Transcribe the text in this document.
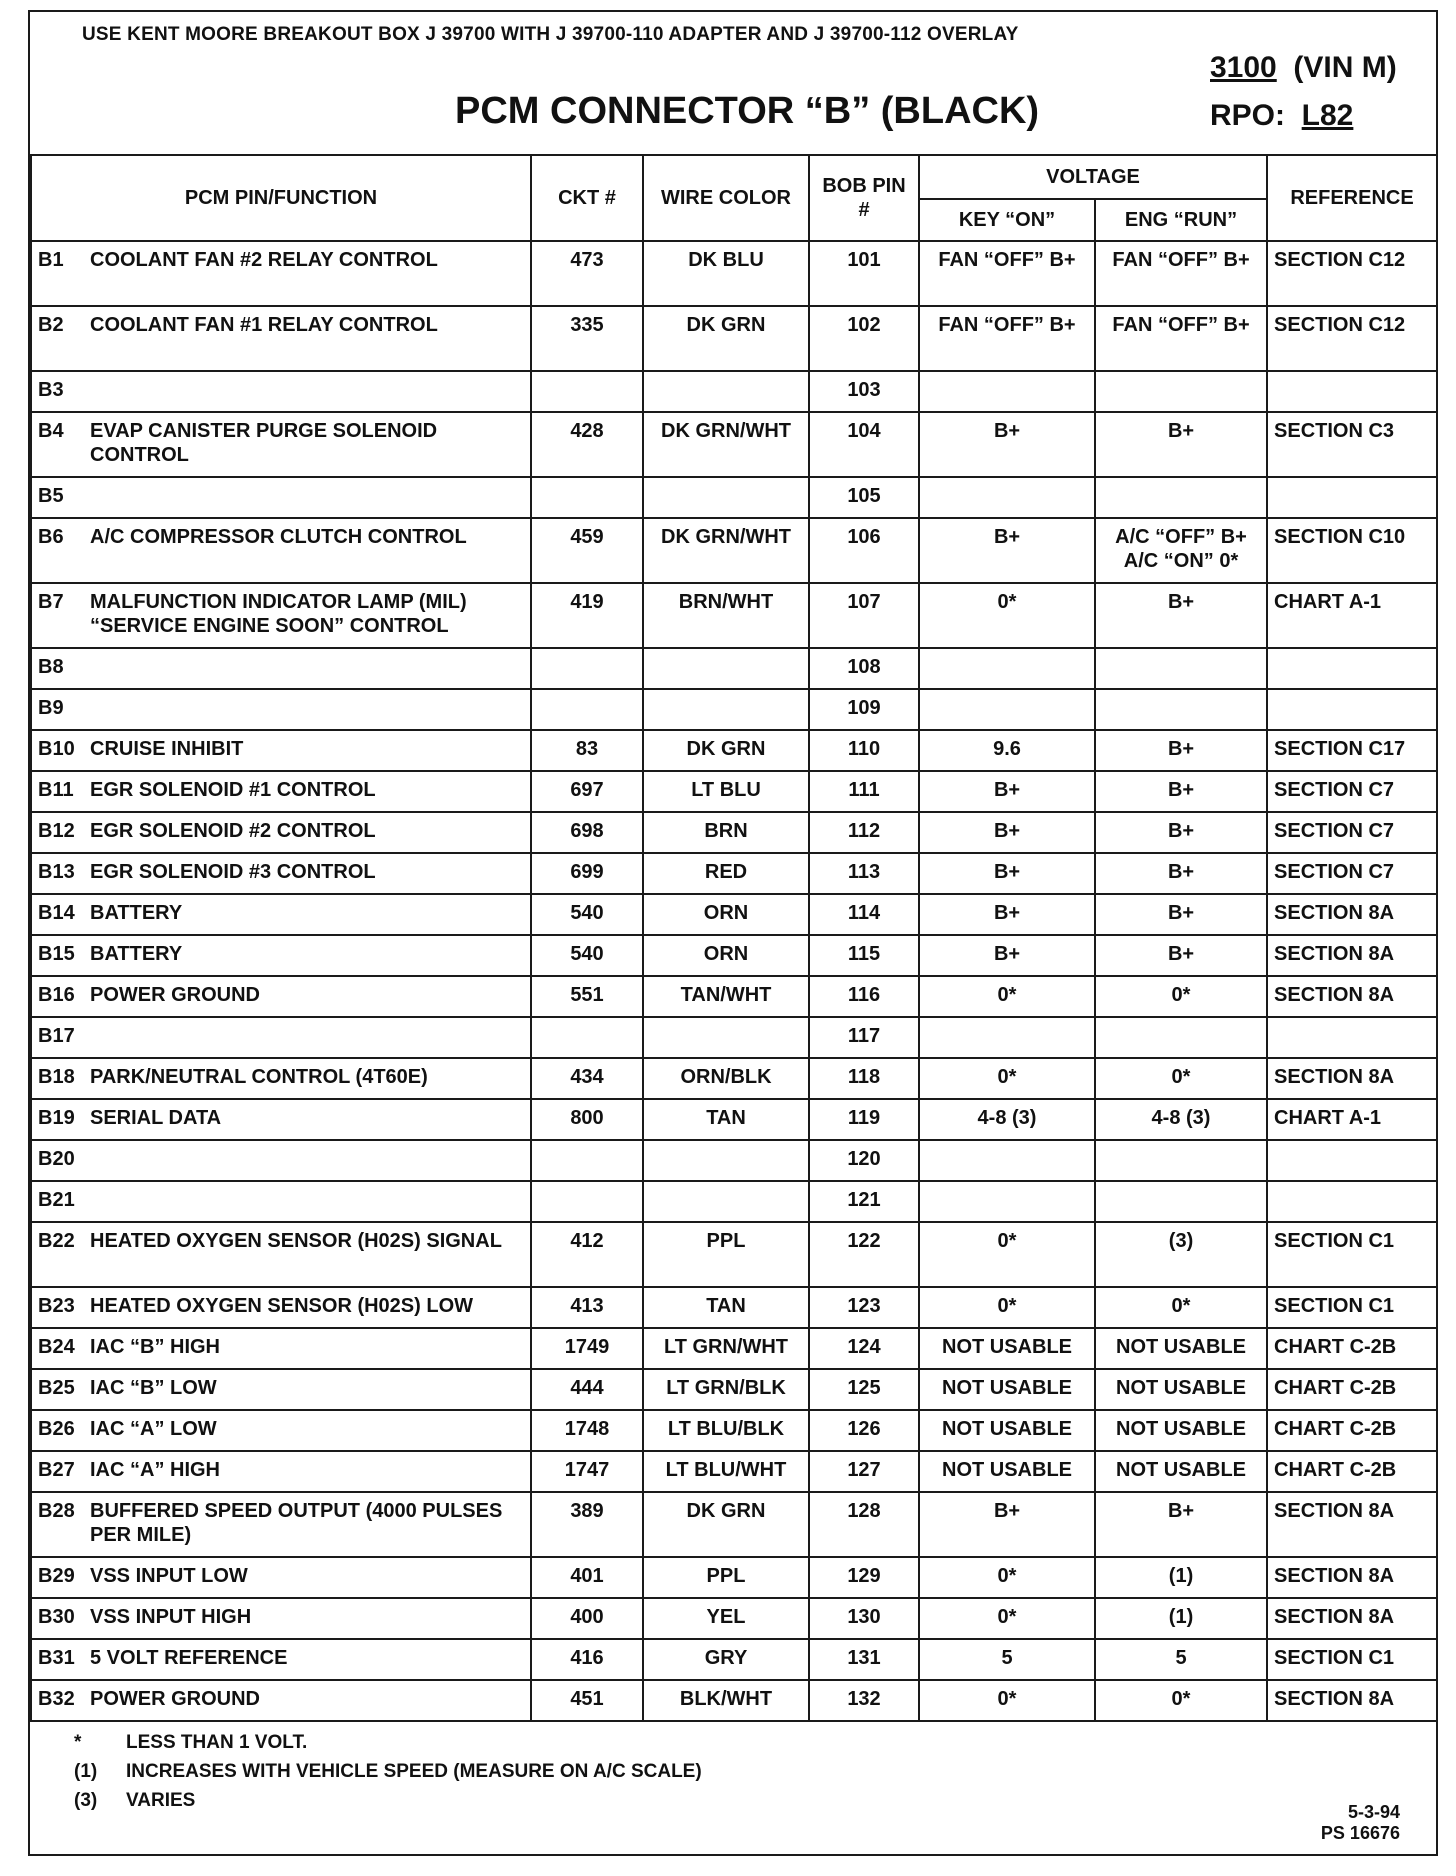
USE KENT MOORE BREAKOUT BOX J 39700 WITH J 39700-110 ADAPTER AND J 39700-112 OVERLAY
PCM CONNECTOR “B” (BLACK)
3100 (VIN M)
RPO: L82
PCM PIN/FUNCTION	CKT #	WIRE COLOR	BOB PIN #	VOLTAGE		REFERENCE
				KEY “ON”	ENG “RUN”	
B1 COOLANT FAN #2 RELAY CONTROL	473	DK BLU	101	FAN “OFF” B+	FAN “OFF” B+	SECTION C12
B2 COOLANT FAN #1 RELAY CONTROL	335	DK GRN	102	FAN “OFF” B+	FAN “OFF” B+	SECTION C12
B3			103			
B4 EVAP CANISTER PURGE SOLENOID CONTROL	428	DK GRN/WHT	104	B+	B+	SECTION C3
B5			105			
B6 A/C COMPRESSOR CLUTCH CONTROL	459	DK GRN/WHT	106	B+	A/C “OFF” B+ A/C “ON” 0*	SECTION C10
B7 MALFUNCTION INDICATOR LAMP (MIL) “SERVICE ENGINE SOON” CONTROL	419	BRN/WHT	107	0*	B+	CHART A-1
B8			108			
B9			109			
B10 CRUISE INHIBIT	83	DK GRN	110	9.6	B+	SECTION C17
B11 EGR SOLENOID #1 CONTROL	697	LT BLU	111	B+	B+	SECTION C7
B12 EGR SOLENOID #2 CONTROL	698	BRN	112	B+	B+	SECTION C7
B13 EGR SOLENOID #3 CONTROL	699	RED	113	B+	B+	SECTION C7
B14 BATTERY	540	ORN	114	B+	B+	SECTION 8A
B15 BATTERY	540	ORN	115	B+	B+	SECTION 8A
B16 POWER GROUND	551	TAN/WHT	116	0*	0*	SECTION 8A
B17			117			
B18 PARK/NEUTRAL CONTROL (4T60E)	434	ORN/BLK	118	0*	0*	SECTION 8A
B19 SERIAL DATA	800	TAN	119	4-8 (3)	4-8 (3)	CHART A-1
B20			120			
B21			121			
B22 HEATED OXYGEN SENSOR (H02S) SIGNAL	412	PPL	122	0*	(3)	SECTION C1
B23 HEATED OXYGEN SENSOR (H02S) LOW	413	TAN	123	0*	0*	SECTION C1
B24 IAC “B” HIGH	1749	LT GRN/WHT	124	NOT USABLE	NOT USABLE	CHART C-2B
B25 IAC “B” LOW	444	LT GRN/BLK	125	NOT USABLE	NOT USABLE	CHART C-2B
B26 IAC “A” LOW	1748	LT BLU/BLK	126	NOT USABLE	NOT USABLE	CHART C-2B
B27 IAC “A” HIGH	1747	LT BLU/WHT	127	NOT USABLE	NOT USABLE	CHART C-2B
B28 BUFFERED SPEED OUTPUT (4000 PULSES PER MILE)	389	DK GRN	128	B+	B+	SECTION 8A
B29 VSS INPUT LOW	401	PPL	129	0*	(1)	SECTION 8A
B30 VSS INPUT HIGH	400	YEL	130	0*	(1)	SECTION 8A
B31 5 VOLT REFERENCE	416	GRY	131	5	5	SECTION C1
B32 POWER GROUND	451	BLK/WHT	132	0*	0*	SECTION 8A
*	LESS THAN 1 VOLT.
(1)	INCREASES WITH VEHICLE SPEED (MEASURE ON A/C SCALE)
(3)	VARIES
5-3-94
PS 16676
